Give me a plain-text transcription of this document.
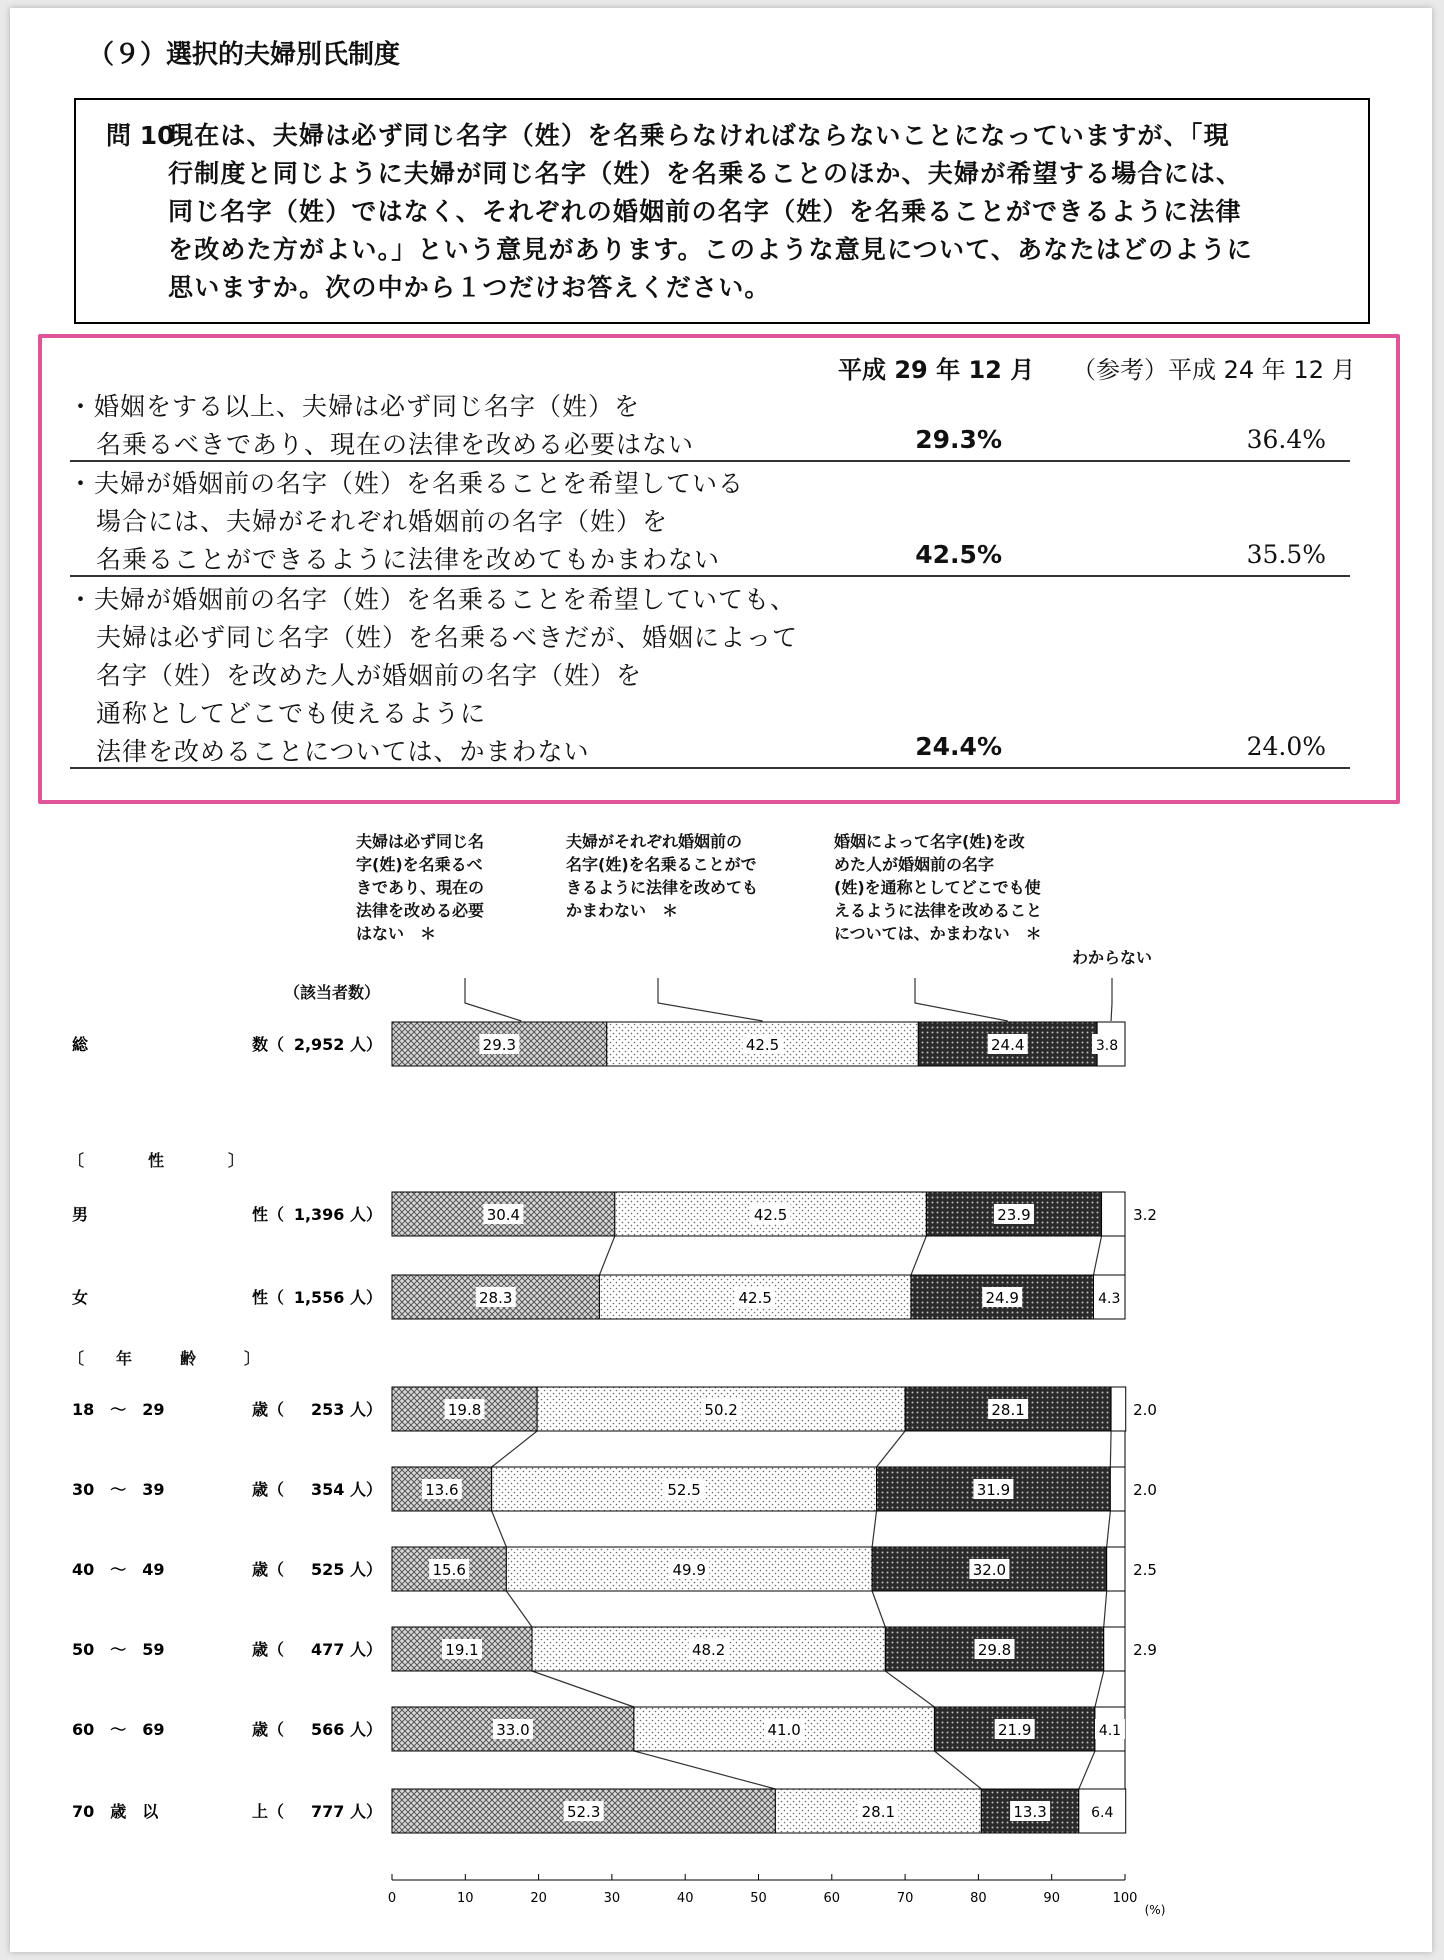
（９）選択的夫婦別氏制度
問 10
現在は、夫婦は必ず同じ名字（姓）を名乗らなければならないことになっていますが、「現
行制度と同じように夫婦が同じ名字（姓）を名乗ることのほか、夫婦が希望する場合には、
同じ名字（姓）ではなく、それぞれの婚姻前の名字（姓）を名乗ることができるように法律
を改めた方がよい。」という意見があります。このような意見について、あなたはどのように
思いますか。次の中から１つだけお答えください。
平成 29 年 12 月 （参考）平成 24 年 12 月
・婚姻をする以上、夫婦は必ず同じ名字（姓）を
名乗るべきであり、現在の法律を改める必要はない	29.3%	36.4%
・夫婦が婚姻前の名字（姓）を名乗ることを希望している
場合には、夫婦がそれぞれ婚姻前の名字（姓）を
名乗ることができるように法律を改めてもかまわない	42.5%	35.5%
・夫婦が婚姻前の名字（姓）を名乗ることを希望していても、
夫婦は必ず同じ名字（姓）を名乗るべきだが、婚姻によって
名字（姓）を改めた人が婚姻前の名字（姓）を
通称としてどこでも使えるように
法律を改めることについては、かまわない	24.4%	24.0%
夫婦は必ず同じ名
字(姓)を名乗るべ
きであり、現在の
法律を改める必要
はない　＊
夫婦がそれぞれ婚姻前の
名字(姓)を名乗ることがで
きるように法律を改めても
かまわない　＊
婚姻によって名字(姓)を改
めた人が婚姻前の名字
(姓)を通称としてどこでも使
えるように法律を改めること
については、かまわない　＊
わからない
（該当者数）
〔　　　　性　　　　〕
〔　　年　　　齢　　　〕
29.3	42.5	24.4	3.8
総	数（ 2,952 人）
30.4	42.5	23.9	3.2
男	性（ 1,396 人）
28.3	42.5	24.9	4.3
女	性（ 1,556 人）
19.8	50.2	28.1	2.0
18　～　29	歳（ 253 人）
13.6	52.5	31.9	2.0
30　～　39	歳（ 354 人）
15.6	49.9	32.0	2.5
40　～　49	歳（ 525 人）
19.1	48.2	29.8	2.9
50　～　59	歳（ 477 人）
33.0	41.0	21.9	4.1
60　～　69	歳（ 566 人）
52.3	28.1	13.3	6.4
70　歳　以	上（ 777 人）
0	10	20	30	40	50	60	70	80	90	100
(%)
